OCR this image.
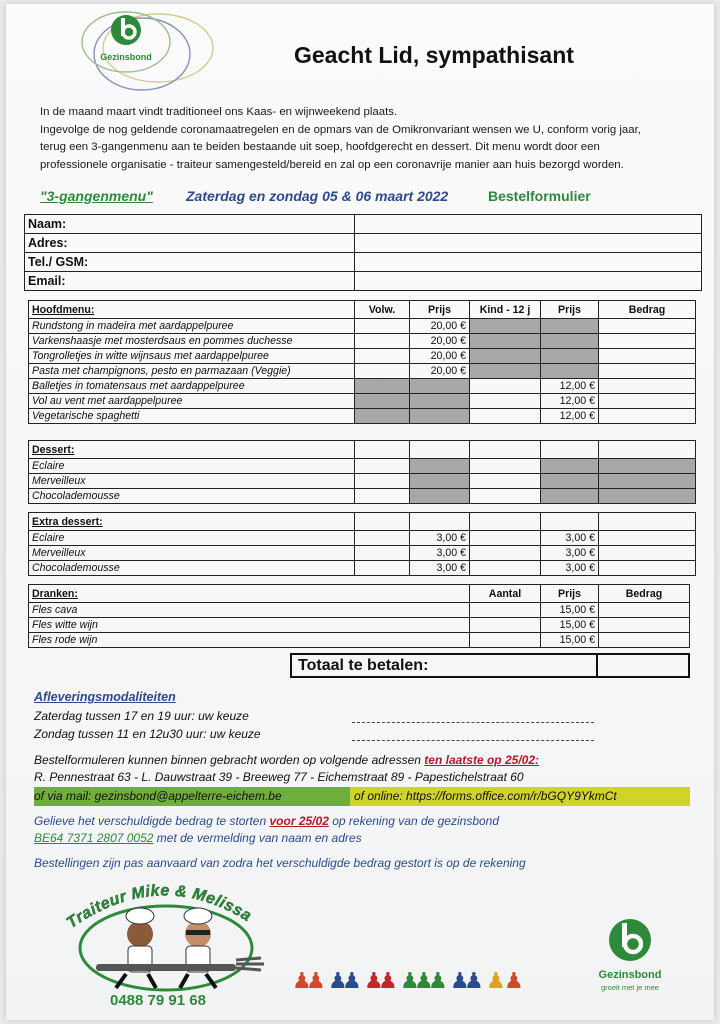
Gezinsbond	Geacht Lid, sympathisant
In de maand maart vindt traditioneel ons Kaas- en wijnweekend plaats.
Ingevolge de nog geldende coronamaatregelen en de opmars van de Omikronvariant wensen we U, conform vorig jaar,
terug een 3-gangenmenu aan te beiden bestaande uit soep, hoofdgerecht en dessert. Dit menu wordt door een
professionele organisatie - traiteur samengesteld/bereid en zal op een coronavrije manier aan huis bezorgd worden.
"3-gangenmenu" Zaterdag en zondag 05 & 06 maart 2022	Bestelformulier
Naam:	
Adres:	
Tel./ GSM:	
Email:	
Hoofdmenu:	Volw.	Prijs	Kind - 12 j	Prijs	Bedrag
Rundstong in madeira met aardappelpuree		20,00 €			
Varkenshaasje met mosterdsaus en pommes duchesse		20,00 €			
Tongrolletjes in witte wijnsaus met aardappelpuree		20,00 €			
Pasta met champignons, pesto en parmazaan (Veggie)		20,00 €			
Balletjes in tomatensaus met aardappelpuree				12,00 €	
Vol au vent met aardappelpuree				12,00 €	
Vegetarische spaghetti				12,00 €	
Dessert:					
Eclaire					
Merveilleux					
Chocolademousse					
Extra dessert:					
Eclaire		3,00 €		3,00 €	
Merveilleux		3,00 €		3,00 €	
Chocolademousse		3,00 €		3,00 €	
Dranken:	Aantal	Prijs	Bedrag
Fles cava		15,00 €	
Fles witte wijn		15,00 €	
Fles rode wijn		15,00 €	
Totaal te betalen:
Afleveringsmodaliteiten
Zaterdag tussen 17 en 19 uur: uw keuze
Zondag tussen 11 en 12u30 uur: uw keuze
Bestelformuleren kunnen binnen gebracht worden op volgende adressen ten laatste op 25/02:
R. Pennestraat 63 - L. Dauwstraat 39 - Breeweg 77 - Eichemstraat 89 - Papestichelstraat 60
of via mail: gezinsbond@appelterre-eichem.be	of online: https://forms.office.com/r/bGQY9YkmCt
Gelieve het verschuldigde bedrag te storten voor 25/02 op rekening van de gezinsbond
BE64 7371 2807 0052 met de vermelding van naam en adres
Bestellingen zijn pas aanvaard van zodra het verschuldigde bedrag gestort is op de rekening
Traiteur Mike & Melissa
0488 79 91 68
♟
♟ ♟
♟ ♟
♟ ♟
♟
♟ ♟
♟ ♟
♟	Gezinsbond
groeit met je mee
